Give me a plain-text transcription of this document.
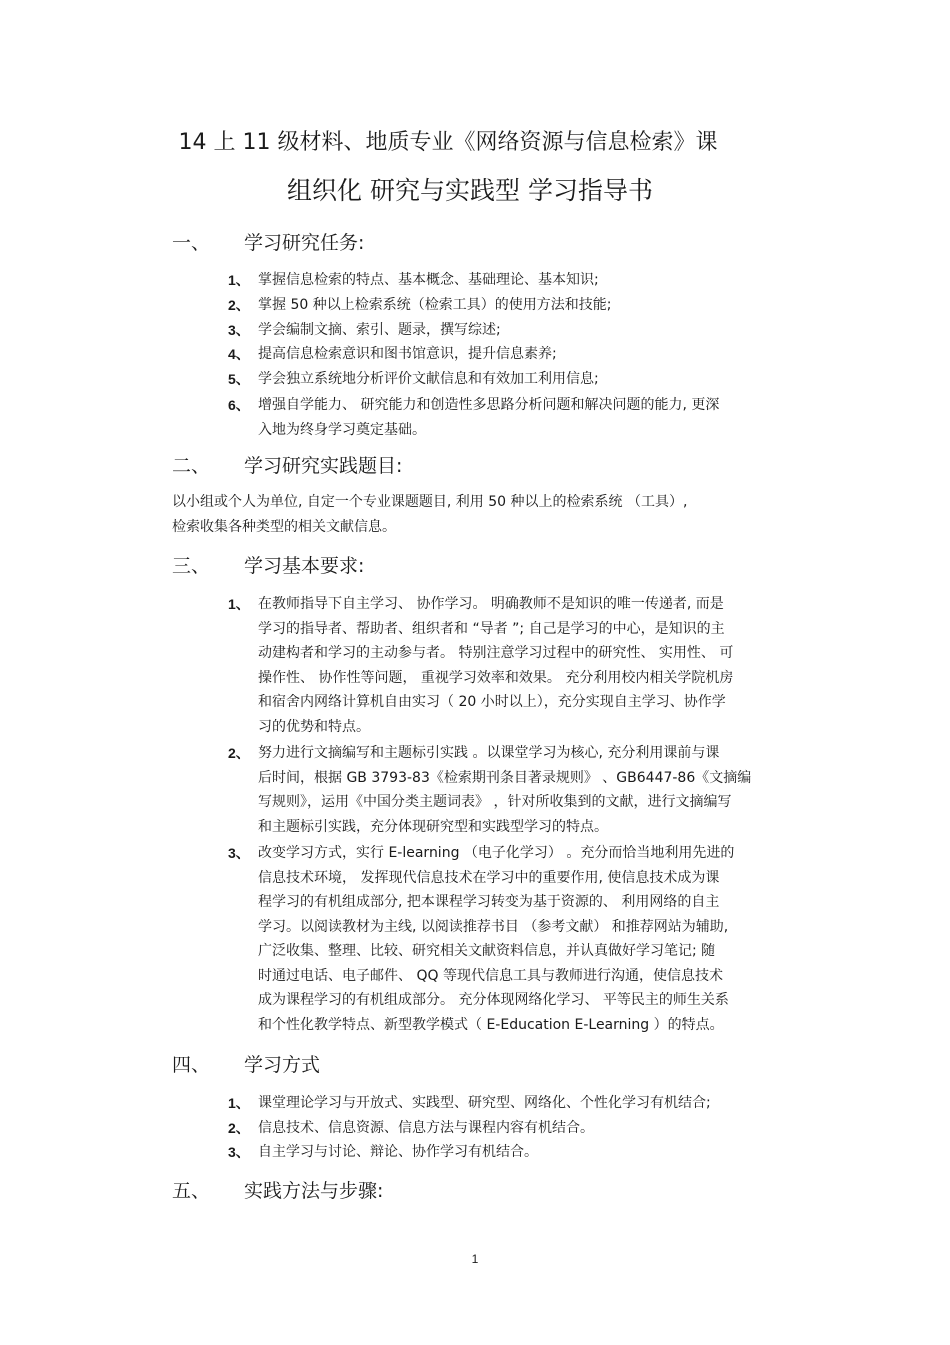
14 上 11 级材料、地质专业《网络资源与信息检索》课
组织化 研究与实践型 学习指导书
一、 学习研究任务:
1、 掌握信息检索的特点、基本概念、基础理论、基本知识;
2、 掌握 50 种以上检索系统（检索工具）的使用方法和技能;
3、 学会编制文摘、索引、题录，撰写综述;
4、 提高信息检索意识和图书馆意识，提升信息素养;
5、 学会独立系统地分析评价文献信息和有效加工利用信息;
6、 增强自学能力、 研究能力和创造性多思路分析问题和解决问题的能力, 更深
入地为终身学习奠定基础。
二、 学习研究实践题目:
以小组或个人为单位, 自定一个专业课题题目, 利用 50 种以上的检索系统 （工具）,
检索收集各种类型的相关文献信息。
三、 学习基本要求:
1、 在教师指导下自主学习、 协作学习。 明确教师不是知识的唯一传递者, 而是
学习的指导者、帮助者、组织者和 “导者 ”; 自己是学习的中心，是知识的主
动建构者和学习的主动参与者。 特别注意学习过程中的研究性、 实用性、 可
操作性、 协作性等问题， 重视学习效率和效果。 充分利用校内相关学院机房
和宿舍内网络计算机自由实习（ 20 小时以上），充分实现自主学习、协作学
习的优势和特点。
2、 努力进行文摘编写和主题标引实践 。以课堂学习为核心, 充分利用课前与课
后时间，根据 GB 3793-83《检索期刊条目著录规则》 、GB6447-86《文摘编
写规则》，运用《中国分类主题词表》 ，针对所收集到的文献，进行文摘编写
和主题标引实践，充分体现研究型和实践型学习的特点。
3、 改变学习方式，实行 E-learning （电子化学习） 。充分而恰当地利用先进的
信息技术环境， 发挥现代信息技术在学习中的重要作用, 使信息技术成为课
程学习的有机组成部分, 把本课程学习转变为基于资源的、 利用网络的自主
学习。以阅读教材为主线, 以阅读推荐书目 （参考文献） 和推荐网站为辅助,
广泛收集、整理、比较、研究相关文献资料信息，并认真做好学习笔记; 随
时通过电话、电子邮件、 QQ 等现代信息工具与教师进行沟通，使信息技术
成为课程学习的有机组成部分。 充分体现网络化学习、 平等民主的师生关系
和个性化教学特点、新型教学模式（ E-Education E-Learning ）的特点。
四、 学习方式
1、 课堂理论学习与开放式、实践型、研究型、网络化、个性化学习有机结合;
2、 信息技术、信息资源、信息方法与课程内容有机结合。
3、 自主学习与讨论、辩论、协作学习有机结合。
五、 实践方法与步骤:
1
